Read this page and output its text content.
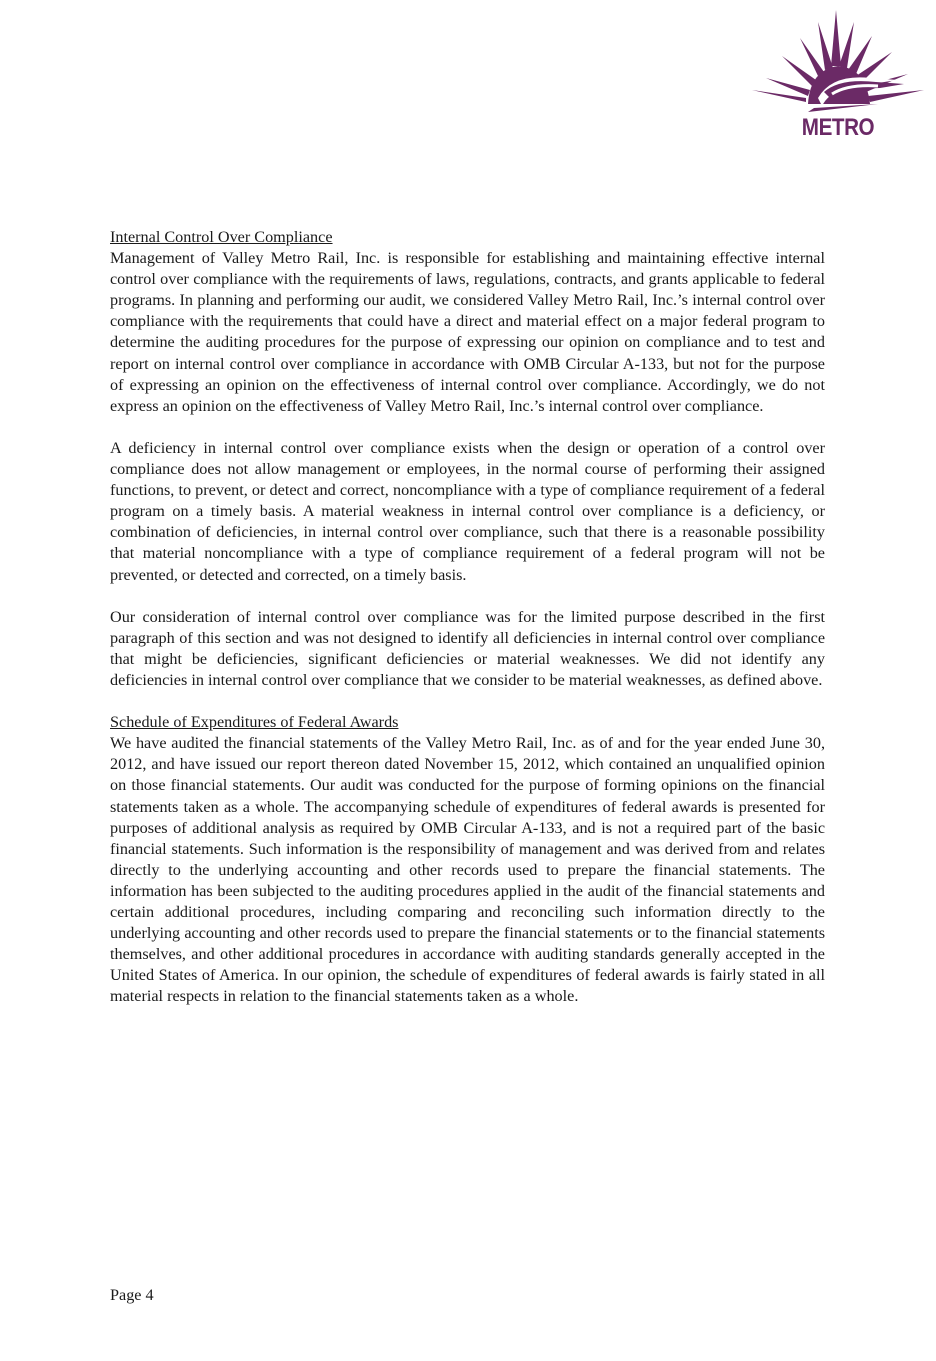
METRO
Internal Control Over Compliance

Management of Valley Metro Rail, Inc. is responsible for establishing and maintaining effective internal control over compliance with the requirements of laws, regulations, contracts, and grants applicable to federal programs. In planning and performing our audit, we considered Valley Metro Rail, Inc.’s internal control over compliance with the requirements that could have a direct and material effect on a major federal program to determine the auditing procedures for the purpose of expressing our opinion on compliance and to test and report on internal control over compliance in accordance with OMB Circular A-133, but not for the purpose of expressing an opinion on the effectiveness of internal control over compliance. Accordingly, we do not express an opinion on the effectiveness of Valley Metro Rail, Inc.’s internal control over compliance.

A deficiency in internal control over compliance exists when the design or operation of a control over compliance does not allow management or employees, in the normal course of performing their assigned functions, to prevent, or detect and correct, noncompliance with a type of compliance requirement of a federal program on a timely basis. A material weakness in internal control over compliance is a deficiency, or combination of deficiencies, in internal control over compliance, such that there is a reasonable possibility that material noncompliance with a type of compliance requirement of a federal program will not be prevented, or detected and corrected, on a timely basis.

Our consideration of internal control over compliance was for the limited purpose described in the first paragraph of this section and was not designed to identify all deficiencies in internal control over compliance that might be deficiencies, significant deficiencies or material weaknesses. We did not identify any deficiencies in internal control over compliance that we consider to be material weaknesses, as defined above.

Schedule of Expenditures of Federal Awards

We have audited the financial statements of the Valley Metro Rail, Inc. as of and for the year ended June 30, 2012, and have issued our report thereon dated November 15, 2012, which contained an unqualified opinion on those financial statements. Our audit was conducted for the purpose of forming opinions on the financial statements taken as a whole. The accompanying schedule of expenditures of federal awards is presented for purposes of additional analysis as required by OMB Circular A-133, and is not a required part of the basic financial statements. Such information is the responsibility of management and was derived from and relates directly to the underlying accounting and other records used to prepare the financial statements. The information has been subjected to the auditing procedures applied in the audit of the financial statements and certain additional procedures, including comparing and reconciling such information directly to the underlying accounting and other records used to prepare the financial statements or to the financial statements themselves, and other additional procedures in accordance with auditing standards generally accepted in the United States of America. In our opinion, the schedule of expenditures of federal awards is fairly stated in all material respects in relation to the financial statements taken as a whole.

Page 4
